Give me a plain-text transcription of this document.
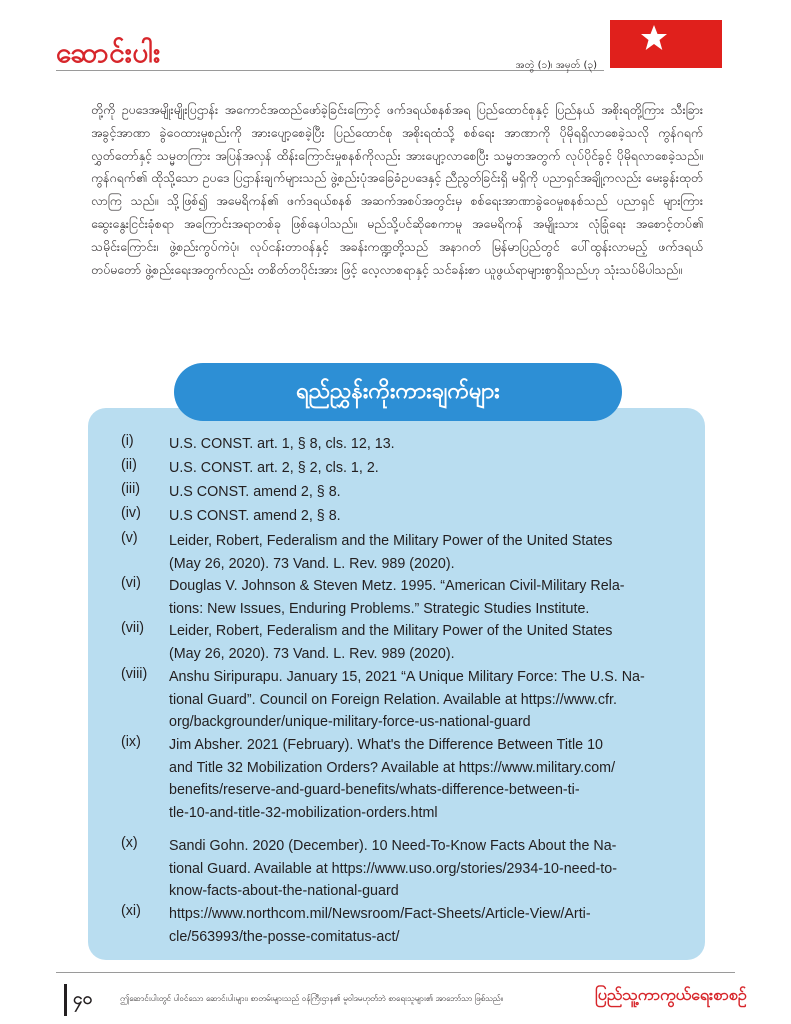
ဆောင်းပါး	အတွဲ (၁)၊ အမှတ် (၃)
တို့ကို ဥပဒေအမျိုးမျိုးပြဌာန်း အကောင်အထည်ဖော်ခဲ့ခြင်းကြောင့် ဖက်ဒရယ်စနစ်အရ ပြည်ထောင်စုနှင့် ပြည်နယ် အစိုးရတို့ကြား သီးခြား အခွင့်အာဏာ ခွဲဝေထားမှုစည်းကို အားပျော့စေခဲ့ပြီး ပြည်ထောင်စု အစိုးရထံသို့ စစ်ရေး အာဏာကို ပိုမိုရရှိလာစေခဲ့သလို ကွန်ဂရက်လွှတ်တော်နှင့် သမ္မတကြား အပြန်အလှန် ထိန်းကြောင်းမှုစနစ်ကိုလည်း အားပျော့လာစေပြီး သမ္မတအတွက် လုပ်ပိုင်ခွင့် ပိုမိုရလာစေခဲ့သည်။ ကွန်ဂရက်၏ ထိုသို့သော ဥပဒေ ပြဌာန်းချက်များသည် ဖွဲ့စည်းပုံအခြေခံဥပဒေနှင့် ညီညွတ်ခြင်းရှိ မရှိကို ပညာရှင်အချို့ကလည်း မေးခွန်းထုတ်လာကြ သည်။ သို့ဖြစ်၍ အမေရိကန်၏ ဖက်ဒရယ်စနစ် အဆက်အစပ်အတွင်းမှ စစ်ရေးအာဏာခွဲဝေမှုစနစ်သည် ပညာရှင် များကြား ဆွေးနွေးငြင်းခုံစရာ အကြောင်းအရာတစ်ခု ဖြစ်နေပါသည်။ မည်သို့ပင်ဆိုစေကာမူ အမေရိကန် အမျိုးသား လုံခြုံရေး အစောင့်တပ်၏ သမိုင်းကြောင်း၊ ဖွဲ့စည်းကွပ်ကဲပုံ၊ လုပ်ငန်းတာဝန်နှင့် အခန်းကဏ္ဍတို့သည် အနာဂတ် မြန်မာပြည်တွင် ပေါ်ထွန်းလာမည့် ဖက်ဒရယ် တပ်မတော် ဖွဲ့စည်းရေးအတွက်လည်း တစိတ်တပိုင်းအား ဖြင့် လေ့လာစရာနှင့် သင်ခန်းစာ ယူဖွယ်ရာများစွာရှိသည်ဟု သုံးသပ်မိပါသည်။
ရည်ညွှန်းကိုးကားချက်များ
(i)	U.S. CONST. art. 1, § 8, cls. 12, 13.
(ii)	U.S. CONST. art. 2, § 2, cls. 1, 2.
(iii)	U.S CONST. amend 2, § 8.
(iv)	U.S CONST. amend 2, § 8.
(v)	Leider, Robert, Federalism and the Military Power of the United States
(May 26, 2020). 73 Vand. L. Rev. 989 (2020).
(vi)	Douglas V. Johnson & Steven Metz. 1995. “American Civil-Military Rela-
tions: New Issues, Enduring Problems.” Strategic Studies Institute.
(vii)	Leider, Robert, Federalism and the Military Power of the United States
(May 26, 2020). 73 Vand. L. Rev. 989 (2020).
(viii)	Anshu Siripurapu. January 15, 2021 “A Unique Military Force: The U.S. Na-
tional Guard”. Council on Foreign Relation. Available at https://www.cfr.
org/backgrounder/unique-military-force-us-national-guard
(ix)	Jim Absher. 2021 (February). What's the Difference Between Title 10
and Title 32 Mobilization Orders? Available at https://www.military.com/
benefits/reserve-and-guard-benefits/whats-difference-between-ti-
tle-10-and-title-32-mobilization-orders.html
(x)	Sandi Gohn. 2020 (December). 10 Need-To-Know Facts About the Na-
tional Guard. Available at https://www.uso.org/stories/2934-10-need-to-
know-facts-about-the-national-guard
(xi)	https://www.northcom.mil/Newsroom/Fact-Sheets/Article-View/Arti-
cle/563993/the-posse-comitatus-act/
၄၀	ဤဆောင်းပါးတွင် ပါဝင်သော ဆောင်းပါးများ၊ စာတမ်းများသည် ဝန်ကြီးဌာန၏ မူဝါဒမဟုတ်ဘဲ စာရေးသူများ၏ အာဘော်သာ ဖြစ်သည်။	ပြည်သူ့ကာကွယ်ရေးစာစဉ်
